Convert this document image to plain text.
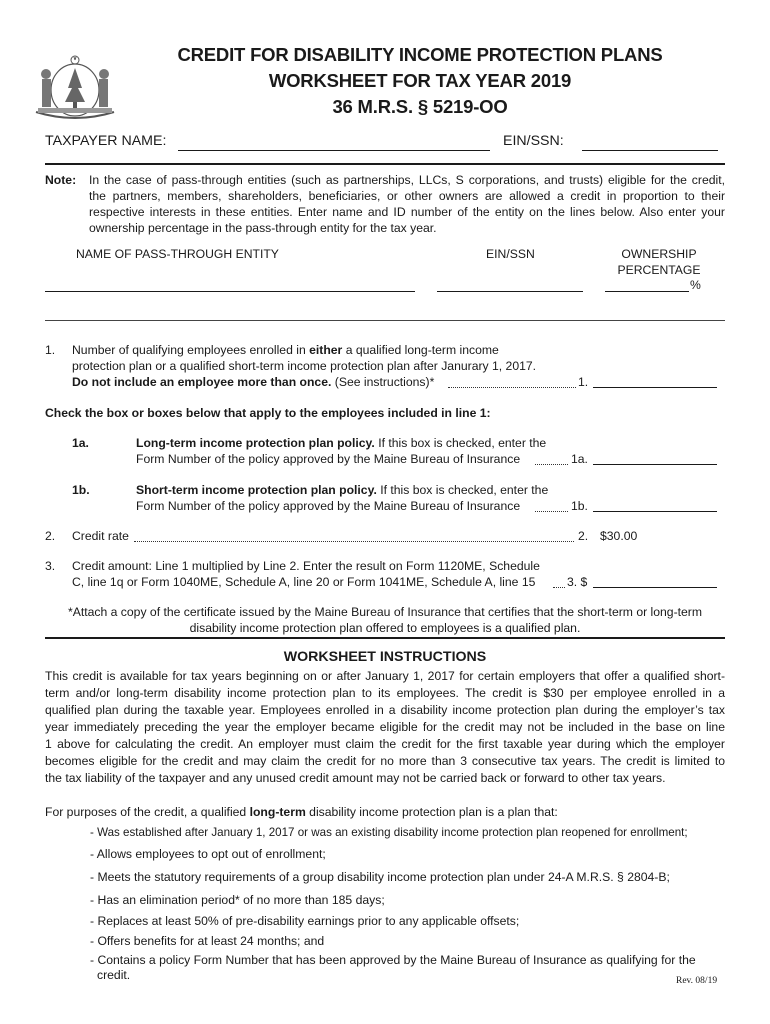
CREDIT FOR DISABILITY INCOME PROTECTION PLANS
WORKSHEET FOR TAX YEAR 2019
36 M.R.S. § 5219-OO
TAXPAYER NAME:	EIN/SSN:
Note: In the case of pass-through entities (such as partnerships, LLCs, S corporations, and trusts) eligible for the credit,
the partners, members, shareholders, beneficiaries, or other owners are allowed a credit in proportion to their
respective interests in these entities. Enter name and ID number of the entity on the lines below. Also enter your
ownership percentage in the pass-through entity for the tax year.
NAME OF PASS-THROUGH ENTITY	EIN/SSN	OWNERSHIP
PERCENTAGE
%
1. Number of qualifying employees enrolled in either a qualified long-term income
protection plan or a qualified short-term income protection plan after Janurary 1, 2017.
Do not include an employee more than once. (See instructions)*	1.
Check the box or boxes below that apply to the employees included in line 1:
1a.	Long-term income protection plan policy. If this box is checked, enter the
Form Number of the policy approved by the Maine Bureau of Insurance	1a.
1b.	Short-term income protection plan policy. If this box is checked, enter the
Form Number of the policy approved by the Maine Bureau of Insurance	1b.
2. Credit rate	2. $30.00
3. Credit amount: Line 1 multiplied by Line 2. Enter the result on Form 1120ME, Schedule
C, line 1q or Form 1040ME, Schedule A, line 20 or Form 1041ME, Schedule A, line 15	3. $
*Attach a copy of the certificate issued by the Maine Bureau of Insurance that certifies that the short-term or long-term
disability income protection plan offered to employees is a qualified plan.
WORKSHEET INSTRUCTIONS
This credit is available for tax years beginning on or after January 1, 2017 for certain employers that offer a qualified short-
term and/or long-term disability income protection plan to its employees. The credit is $30 per employee enrolled in a
qualified plan during the taxable year. Employees enrolled in a disability income protection plan during the employer’s tax
year immediately preceding the year the employer became eligible for the credit may not be included in the base on line
1 above for calculating the credit. An employer must claim the credit for the first taxable year during which the employer
becomes eligible for the credit and may claim the credit for no more than 3 consecutive tax years. The credit is limited to
the tax liability of the taxpayer and any unused credit amount may not be carried back or forward to other tax years.
For purposes of the credit, a qualified long-term disability income protection plan is a plan that:
- Was established after January 1, 2017 or was an existing disability income protection plan reopened for enrollment;
- Allows employees to opt out of enrollment;
- Meets the statutory requirements of a group disability income protection plan under 24-A M.R.S. § 2804-B;
- Has an elimination period* of no more than 185 days;
- Replaces at least 50% of pre-disability earnings prior to any applicable offsets;
- Offers benefits for at least 24 months; and
- Contains a policy Form Number that has been approved by the Maine Bureau of Insurance as qualifying for the
credit.	Rev. 08/19
